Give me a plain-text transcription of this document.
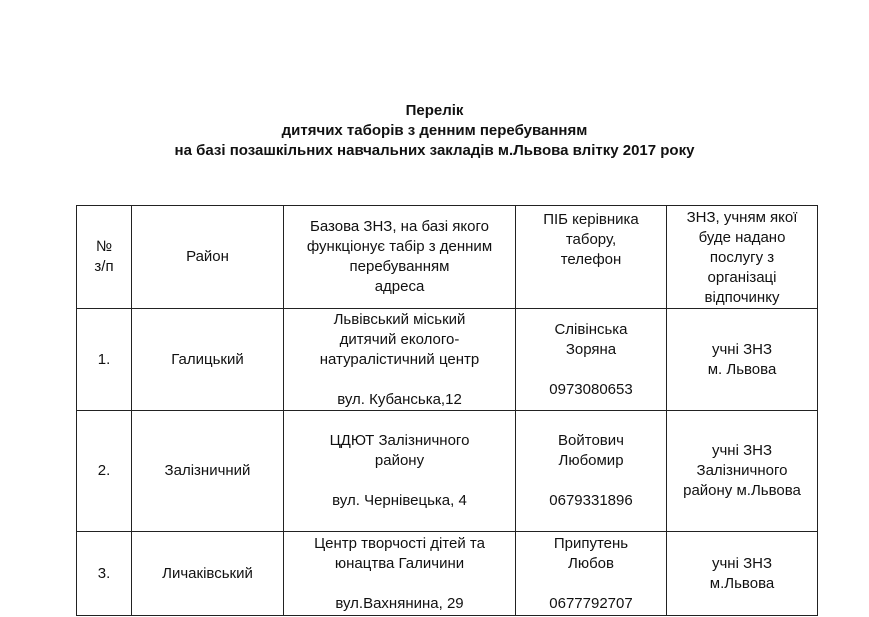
Перелік
дитячих таборів з денним перебуванням
на базі позашкільних навчальних закладів м.Львова влітку 2017 року
№
з/п	Район	Базова ЗНЗ, на базі якого
функціонує табір з денним
перебуванням
адреса	ПІБ керівника
табору,
телефон	ЗНЗ, учням якої
буде надано
послугу з
організаці
відпочинку

1.	Галицький	Львівський міський
дитячий еколого-
натуралістичний центр
вул. Кубанська,12	Слівінська
Зоряна
0973080653	учні ЗНЗ
м. Львова

2.	Залізничний	ЦДЮТ Залізничного
району
вул. Чернівецька, 4	Войтович
Любомир
0679331896	учні ЗНЗ
Залізничного
району м.Львова

3.	Личаківський	Центр творчості дітей та
юнацтва Галичини
вул.Вахнянина, 29	Припутень
Любов
0677792707	учні ЗНЗ
м.Львова
